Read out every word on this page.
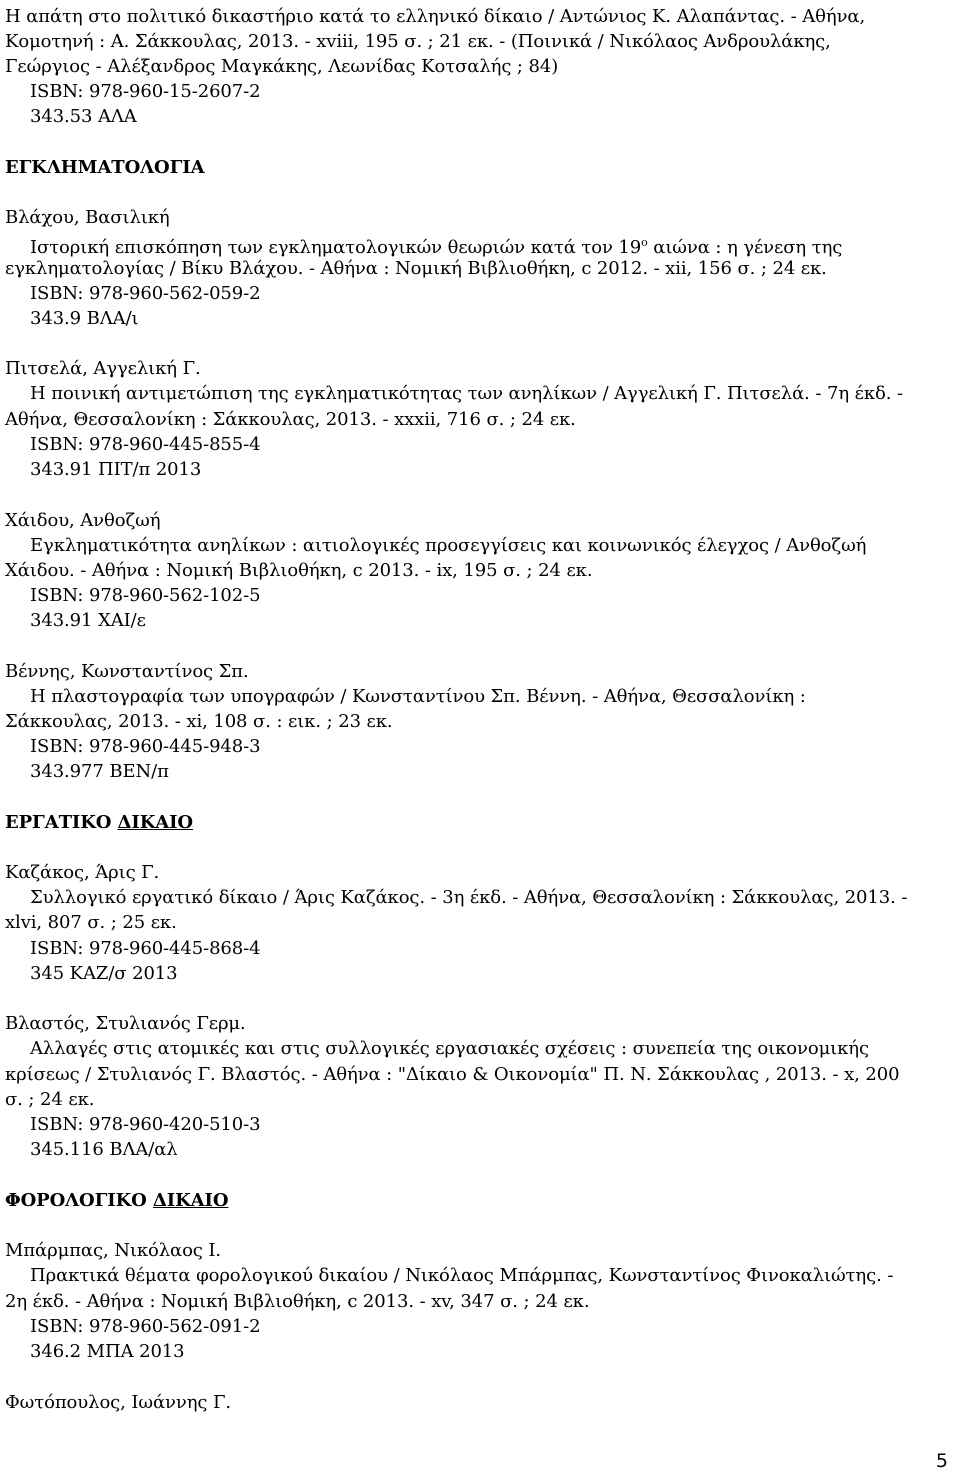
Η απάτη στο πολιτικό δικαστήριο κατά το ελληνικό δίκαιο / Αντώνιος Κ. Αλαπάντας. - Αθήνα,
Κομοτηνή : Α. Σάκκουλας, 2013. - xviii, 195 σ. ; 21 εκ. - (Ποινικά / Νικόλαος Ανδρουλάκης,
Γεώργιος - Αλέξανδρος Μαγκάκης, Λεωνίδας Κοτσαλής ; 84)
ISBN: 978-960-15-2607-2
343.53 ΑΛΑ
ΕΓΚΛΗΜΑΤΟΛΟΓΙΑ
Βλάχου, Βασιλική
Ιστορική επισκόπηση των εγκληματολογικών θεωριών κατά τον $19^o$ αιώνα : η γένεση της
εγκληματολογίας / Βίκυ Βλάχου. - Αθήνα : Νομική Βιβλιοθήκη, c 2012. - xii, 156 σ. ; 24 εκ.
ISBN: 978-960-562-059-2
343.9 ΒΛΑ/ι
Πιτσελά, Αγγελική Γ.
Η ποινική αντιμετώπιση της εγκληματικότητας των ανηλίκων / Αγγελική Γ. Πιτσελά. - 7η έκδ. -
Αθήνα, Θεσσαλονίκη : Σάκκουλας, 2013. - xxxii, 716 σ. ; 24 εκ.
ISBN: 978-960-445-855-4
343.91 ΠΙΤ/π 2013
Χάιδου, Ανθοζωή
Εγκληματικότητα ανηλίκων : αιτιολογικές προσεγγίσεις και κοινωνικός έλεγχος / Ανθοζωή
Χάιδου. - Αθήνα : Νομική Βιβλιοθήκη, c 2013. - ix, 195 σ. ; 24 εκ.
ISBN: 978-960-562-102-5
343.91 ΧΑΙ/ε
Βέννης, Κωνσταντίνος Σπ.
Η πλαστογραφία των υπογραφών / Κωνσταντίνου Σπ. Βέννη. - Αθήνα, Θεσσαλονίκη :
Σάκκουλας, 2013. - xi, 108 σ. : εικ. ; 23 εκ.
ISBN: 978-960-445-948-3
343.977 ΒΕΝ/π
ΕΡΓΑΤΙΚΟ ΔΙΚΑΙΟ
Καζάκος, Άρις Γ.
Συλλογικό εργατικό δίκαιο / Άρις Καζάκος. - 3η έκδ. - Αθήνα, Θεσσαλονίκη : Σάκκουλας, 2013. -
xlvi, 807 σ. ; 25 εκ.
ISBN: 978-960-445-868-4
345 ΚΑΖ/σ 2013
Βλαστός, Στυλιανός Γερμ.
Αλλαγές στις ατομικές και στις συλλογικές εργασιακές σχέσεις : συνεπεία της οικονομικής
κρίσεως / Στυλιανός Γ. Βλαστός. - Αθήνα : "Δίκαιο & Οικονομία" Π. Ν. Σάκκουλας , 2013. - x, 200
σ. ; 24 εκ.
ISBN: 978-960-420-510-3
345.116 ΒΛΑ/αλ
ΦΟΡΟΛΟΓΙΚΟ ΔΙΚΑΙΟ
Μπάρμπας, Νικόλαος Ι.
Πρακτικά θέματα φορολογικού δικαίου / Νικόλαος Μπάρμπας, Κωνσταντίνος Φινοκαλιώτης. -
2η έκδ. - Αθήνα : Νομική Βιβλιοθήκη, c 2013. - xv, 347 σ. ; 24 εκ.
ISBN: 978-960-562-091-2
346.2 ΜΠΑ 2013
Φωτόπουλος, Ιωάννης Γ.
5
